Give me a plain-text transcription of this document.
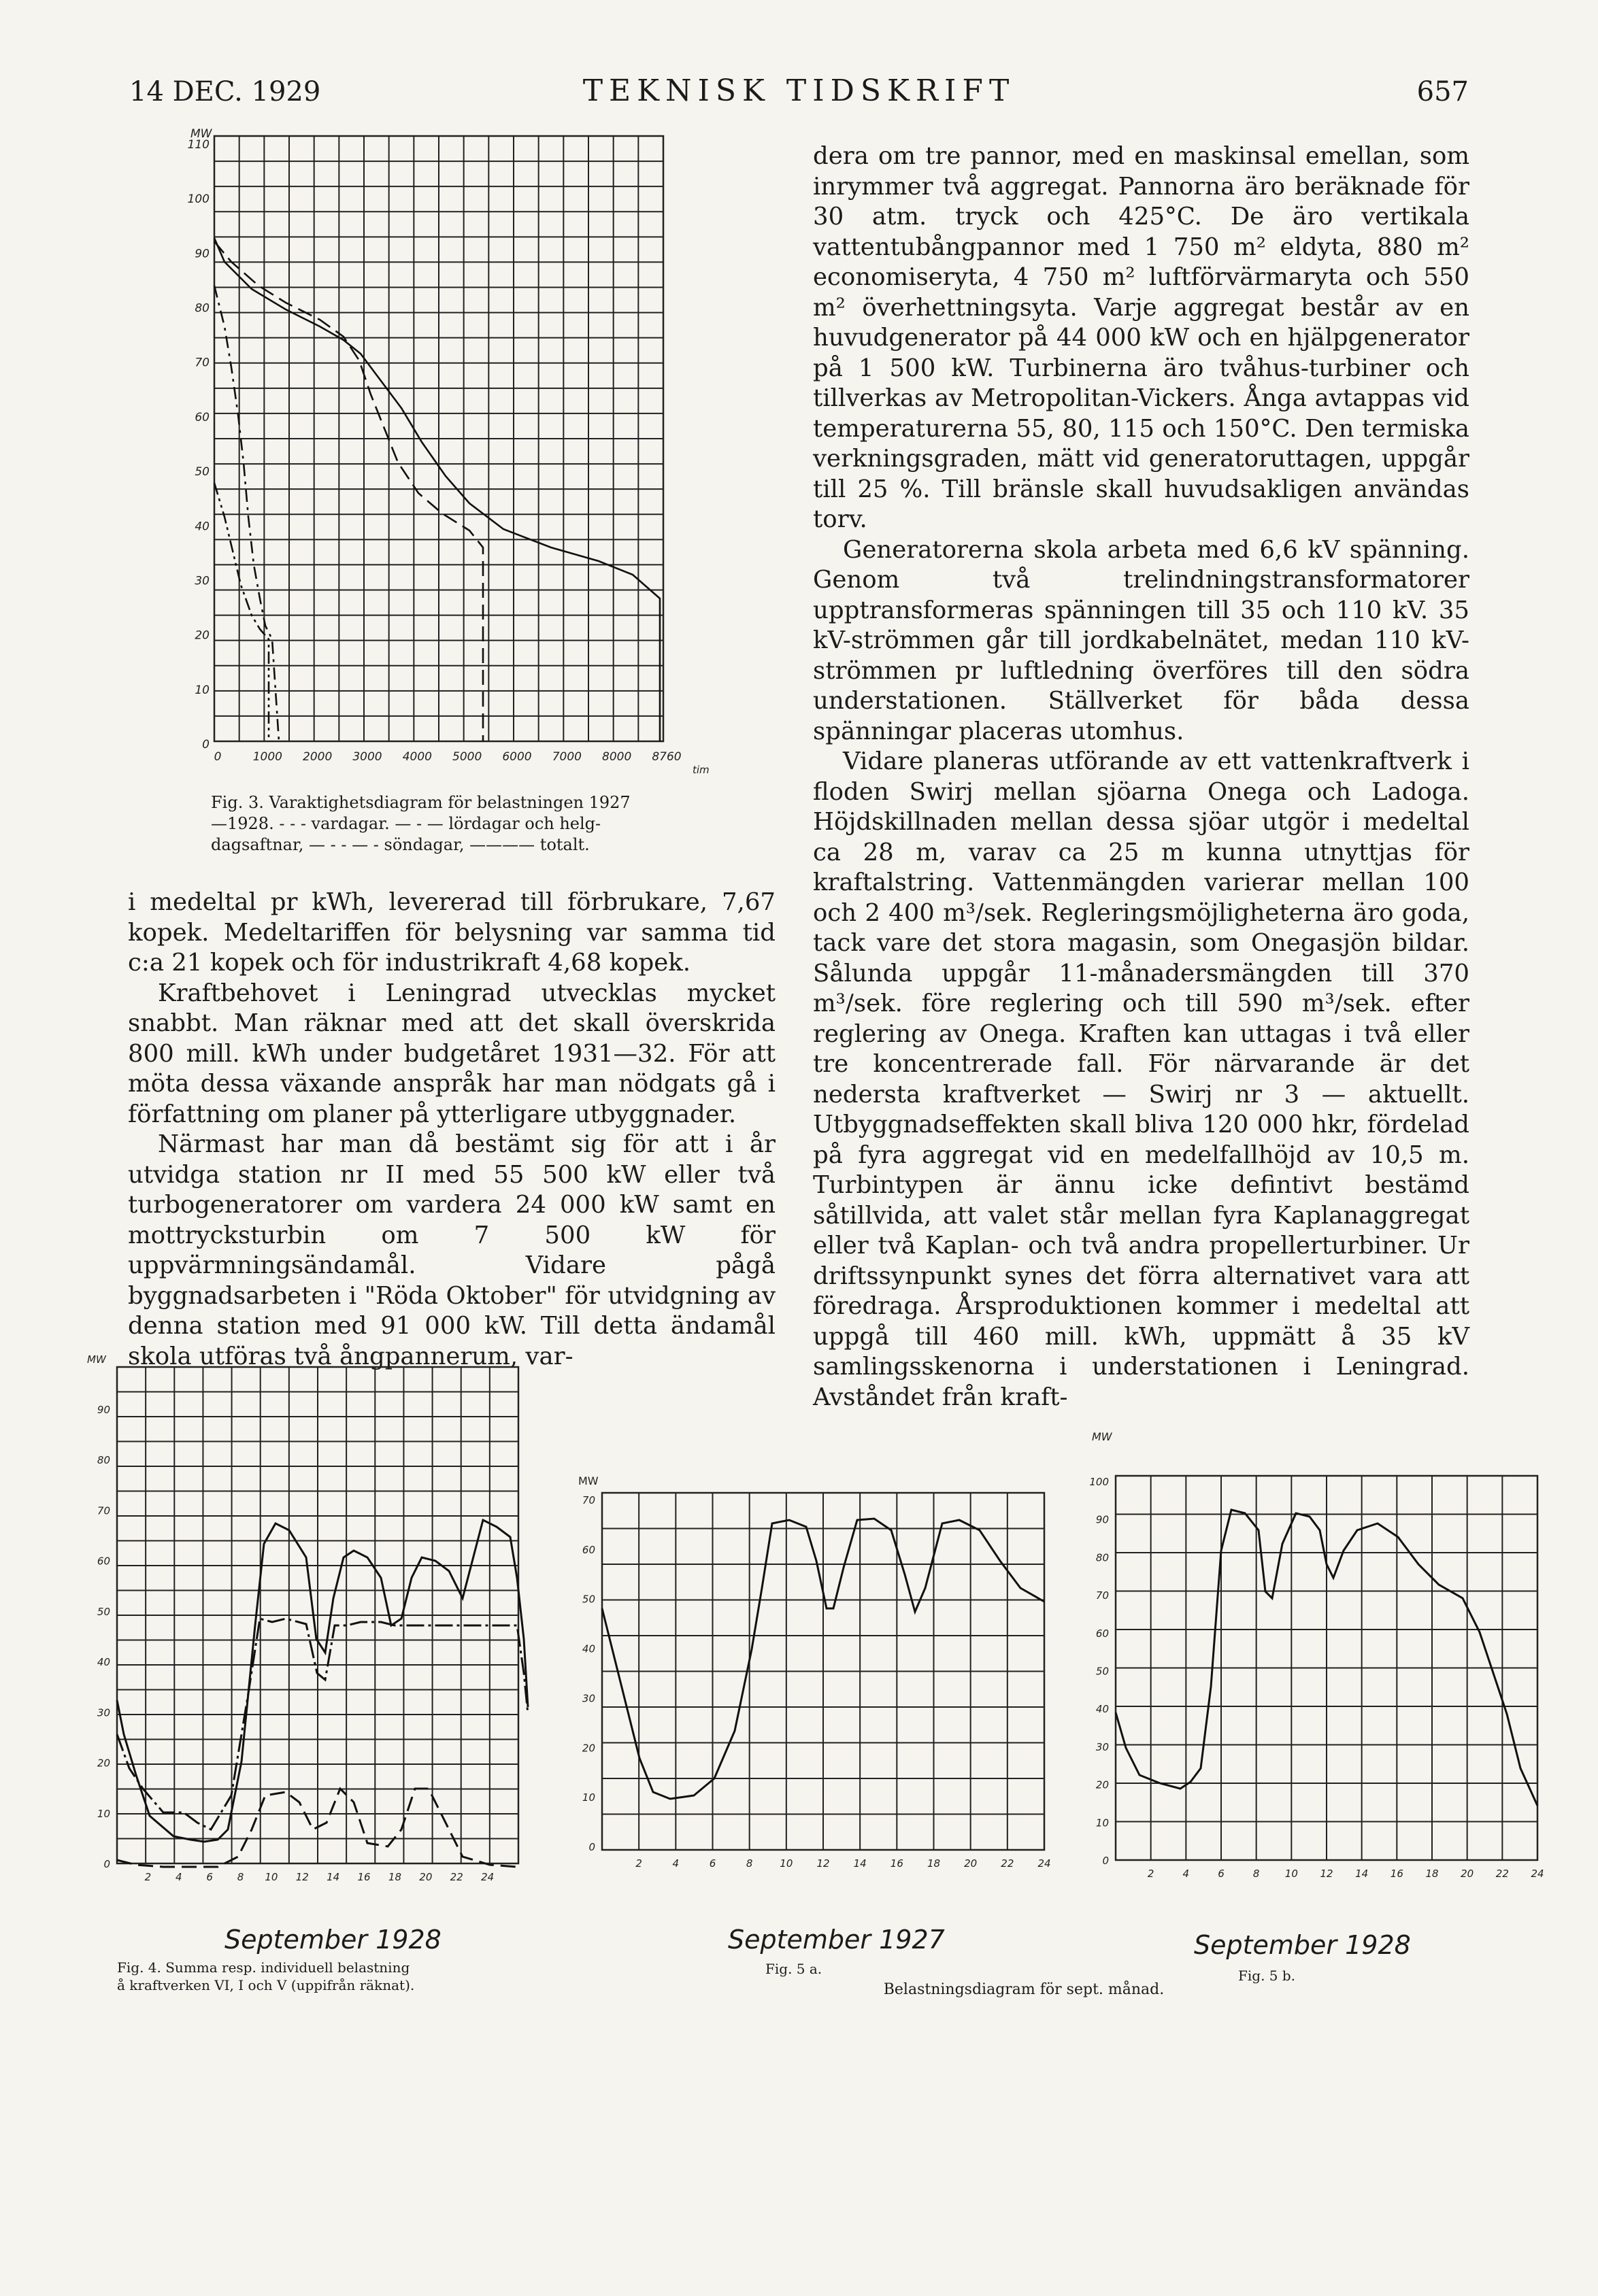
14 DEC. 1929	TEKNISK TIDSKRIFT	657
110
100
90
80
70
60
50
40
30
20
10
0
0	1000 2000 3000 4000 5000 6000 7000 8000 8760
MW
tim
Fig. 3. Varaktighetsdiagram för belastningen 1927
—1928. - - - vardagar. — - — lördagar och helg-
dagsaftnar, — - - — - söndagar, ———— totalt.

i medeltal pr kWh, levererad till förbrukare, 7,67 kopek. Medeltariffen för belysning var samma tid c:a 21 kopek och för industrikraft 4,68 kopek.

Kraftbehovet i Leningrad utvecklas mycket snabbt. Man räknar med att det skall överskrida 800 mill. kWh under budgetåret 1931—32. För att möta dessa växande anspråk har man nödgats gå i författning om planer på ytterligare utbyggnader.

Närmast har man då bestämt sig för att i år utvidga station nr II med 55 500 kW eller två turbogeneratorer om vardera 24 000 kW samt en mottrycksturbin om 7 500 kW för uppvärmningsändamål. Vidare pågå byggnadsarbeten i "Röda Oktober" för utvidgning av denna station med 91 000 kW. Till detta ändamål skola utföras två ångpannerum, var-

dera om tre pannor, med en maskinsal emellan, som inrymmer två aggregat. Pannorna äro beräknade för 30 atm. tryck och 425°C. De äro vertikala vattentubångpannor med 1 750 m² eldyta, 880 m² economiseryta, 4 750 m² luftförvärmaryta och 550 m² överhettningsyta. Varje aggregat består av en huvudgenerator på 44 000 kW och en hjälpgenerator på 1 500 kW. Turbinerna äro tvåhus-turbiner och tillverkas av Metropolitan-Vickers. Ånga avtappas vid temperaturerna 55, 80, 115 och 150°C. Den termiska verkningsgraden, mätt vid generatoruttagen, uppgår till 25 %. Till bränsle skall huvudsakligen användas torv.

Generatorerna skola arbeta med 6,6 kV spänning. Genom två trelindningstransformatorer upptransformeras spänningen till 35 och 110 kV. 35 kV-strömmen går till jordkabelnätet, medan 110 kV-strömmen pr luftledning överföres till den södra understationen. Ställverket för båda dessa spänningar placeras utomhus.

Vidare planeras utförande av ett vattenkraftverk i floden Swirj mellan sjöarna Onega och Ladoga. Höjdskillnaden mellan dessa sjöar utgör i medeltal ca 28 m, varav ca 25 m kunna utnyttjas för kraftalstring. Vattenmängden varierar mellan 100 och 2 400 m³/sek. Regleringsmöjligheterna äro goda, tack vare det stora magasin, som Onegasjön bildar. Sålunda uppgår 11-månadersmängden till 370 m³/sek. före reglering och till 590 m³/sek. efter reglering av Onega. Kraften kan uttagas i två eller tre koncentrerade fall. För närvarande är det nedersta kraftverket — Swirj nr 3 — aktuellt. Utbyggnadseffekten skall bliva 120 000 hkr, fördelad på fyra aggregat vid en medelfallhöjd av 10,5 m. Turbintypen är ännu icke defintivt bestämd såtillvida, att valet står mellan fyra Kaplanaggregat eller två Kaplan- och två andra propellerturbiner. Ur driftssynpunkt synes det förra alternativet vara att föredraga. Årsproduktionen kommer i medeltal att uppgå till 460 mill. kWh, uppmätt å 35 kV samlingsskenorna i understationen i Leningrad. Avståndet från kraft-

90
80
70
60
50
40
30
20
10
0
2 4 6 8 10 12 14 16 18 20 22 24
MW
70
60
50
40
30
20
10
0
2	4	6	8	10 12 14 16 18 20 22 24
MW	100
90
80
70
60
50
40
30
20
10
0
2	4	6	8 10 12 14 16 18 20 22 24
MW
September 1928
Fig. 4. Summa resp. individuell belastning
å kraftverken VI, I och V (uppifrån räknat).
September 1927
Fig. 5 a.
September 1928
Fig. 5 b.
Belastningsdiagram för sept. månad.
